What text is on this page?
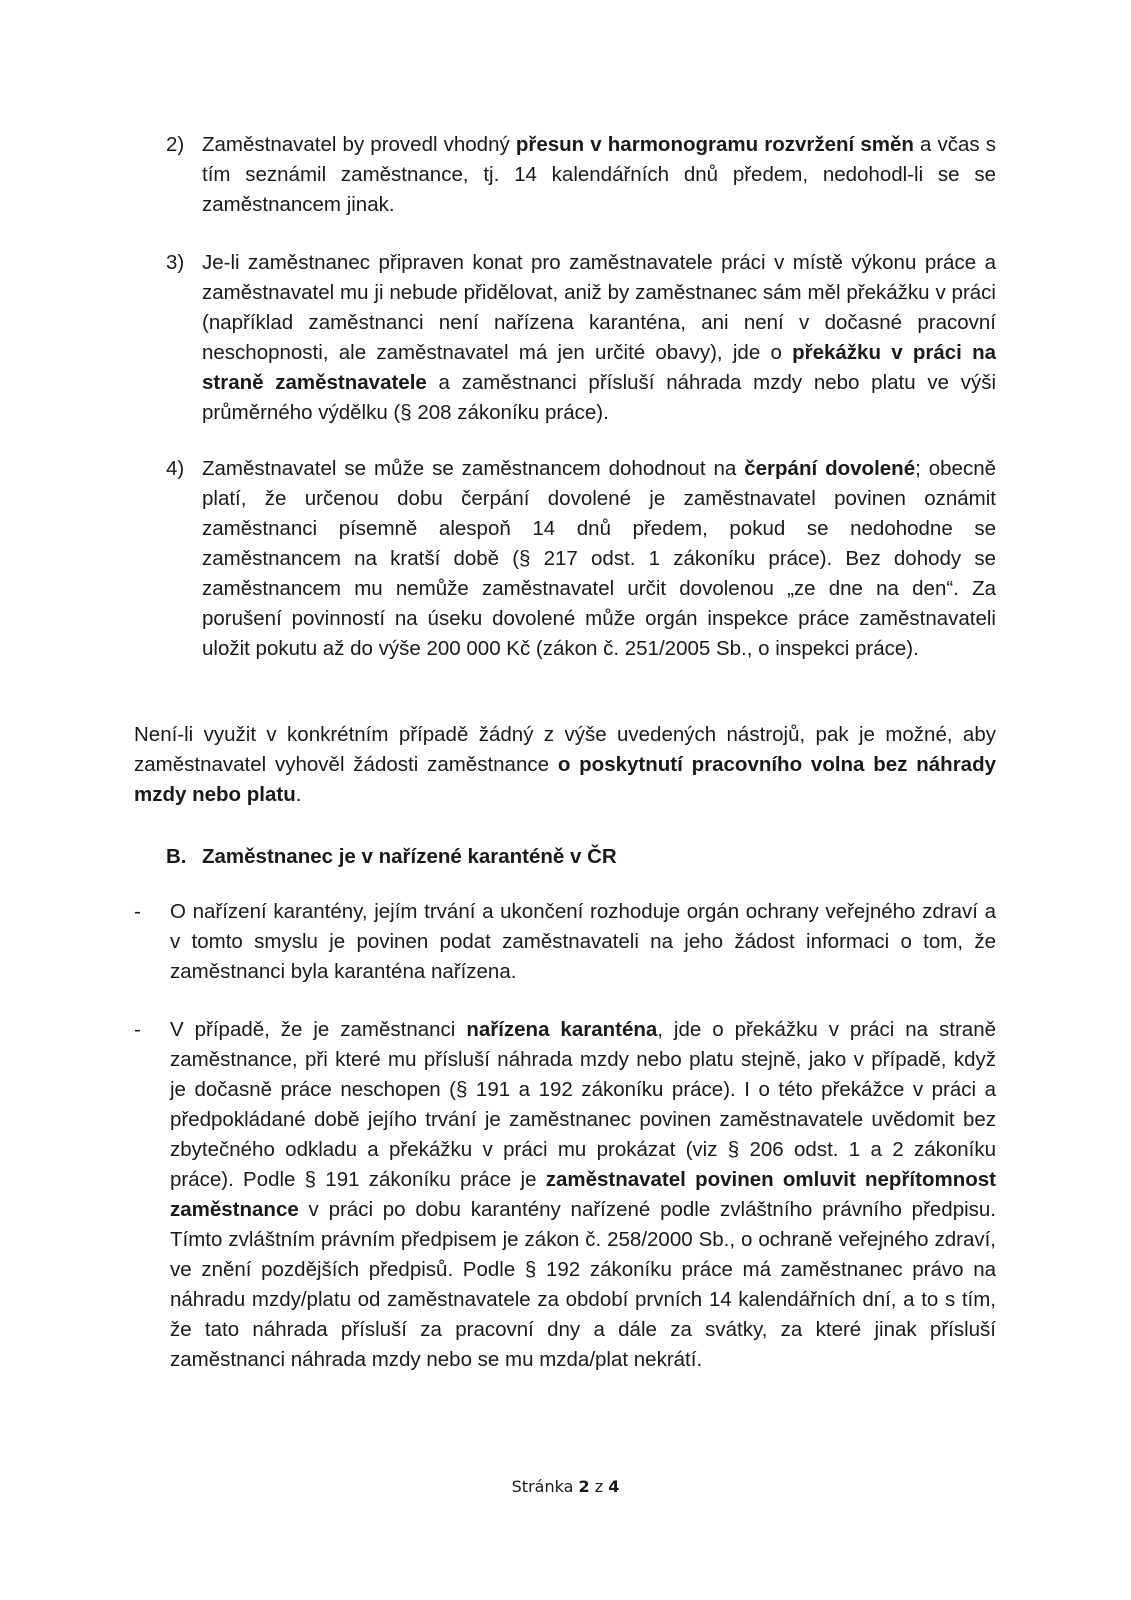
2) Zaměstnavatel by provedl vhodný přesun v harmonogramu rozvržení směn a včas s tím seznámil zaměstnance, tj. 14 kalendářních dnů předem, nedohodl-li se se zaměstnancem jinak.
3) Je-li zaměstnanec připraven konat pro zaměstnavatele práci v místě výkonu práce a zaměstnavatel mu ji nebude přidělovat, aniž by zaměstnanec sám měl překážku v práci (například zaměstnanci není nařízena karanténa, ani není v dočasné pracovní neschopnosti, ale zaměstnavatel má jen určité obavy), jde o překážku v práci na straně zaměstnavatele a zaměstnanci přísluší náhrada mzdy nebo platu ve výši průměrného výdělku (§ 208 zákoníku práce).
4) Zaměstnavatel se může se zaměstnancem dohodnout na čerpání dovolené; obecně platí, že určenou dobu čerpání dovolené je zaměstnavatel povinen oznámit zaměstnanci písemně alespoň 14 dnů předem, pokud se nedohodne se zaměstnancem na kratší době (§ 217 odst. 1 zákoníku práce). Bez dohody se zaměstnancem mu nemůže zaměstnavatel určit dovolenou „ze dne na den“. Za porušení povinností na úseku dovolené může orgán inspekce práce zaměstnavateli uložit pokutu až do výše 200 000 Kč (zákon č. 251/2005 Sb., o inspekci práce).
Není-li využit v konkrétním případě žádný z výše uvedených nástrojů, pak je možné, aby zaměstnavatel vyhověl žádosti zaměstnance o poskytnutí pracovního volna bez náhrady mzdy nebo platu.
B. Zaměstnanec je v nařízené karanténě v ČR
-	O nařízení karantény, jejím trvání a ukončení rozhoduje orgán ochrany veřejného zdraví a v tomto smyslu je povinen podat zaměstnavateli na jeho žádost informaci o tom, že zaměstnanci byla karanténa nařízena.
-	V případě, že je zaměstnanci nařízena karanténa, jde o překážku v práci na straně zaměstnance, při které mu přísluší náhrada mzdy nebo platu stejně, jako v případě, když je dočasně práce neschopen (§ 191 a 192 zákoníku práce). I o této překážce v práci a předpokládané době jejího trvání je zaměstnanec povinen zaměstnavatele uvědomit bez zbytečného odkladu a překážku v práci mu prokázat (viz § 206 odst. 1 a 2 zákoníku práce). Podle § 191 zákoníku práce je zaměstnavatel povinen omluvit nepřítomnost zaměstnance v práci po dobu karantény nařízené podle zvláštního právního předpisu. Tímto zvláštním právním předpisem je zákon č. 258/2000 Sb., o ochraně veřejného zdraví, ve znění pozdějších předpisů. Podle § 192 zákoníku práce má zaměstnanec právo na náhradu mzdy/platu od zaměstnavatele za období prvních 14 kalendářních dní, a to s tím, že tato náhrada přísluší za pracovní dny a dále za svátky, za které jinak přísluší zaměstnanci náhrada mzdy nebo se mu mzda/plat nekrátí.
Stránka 2 z 4
